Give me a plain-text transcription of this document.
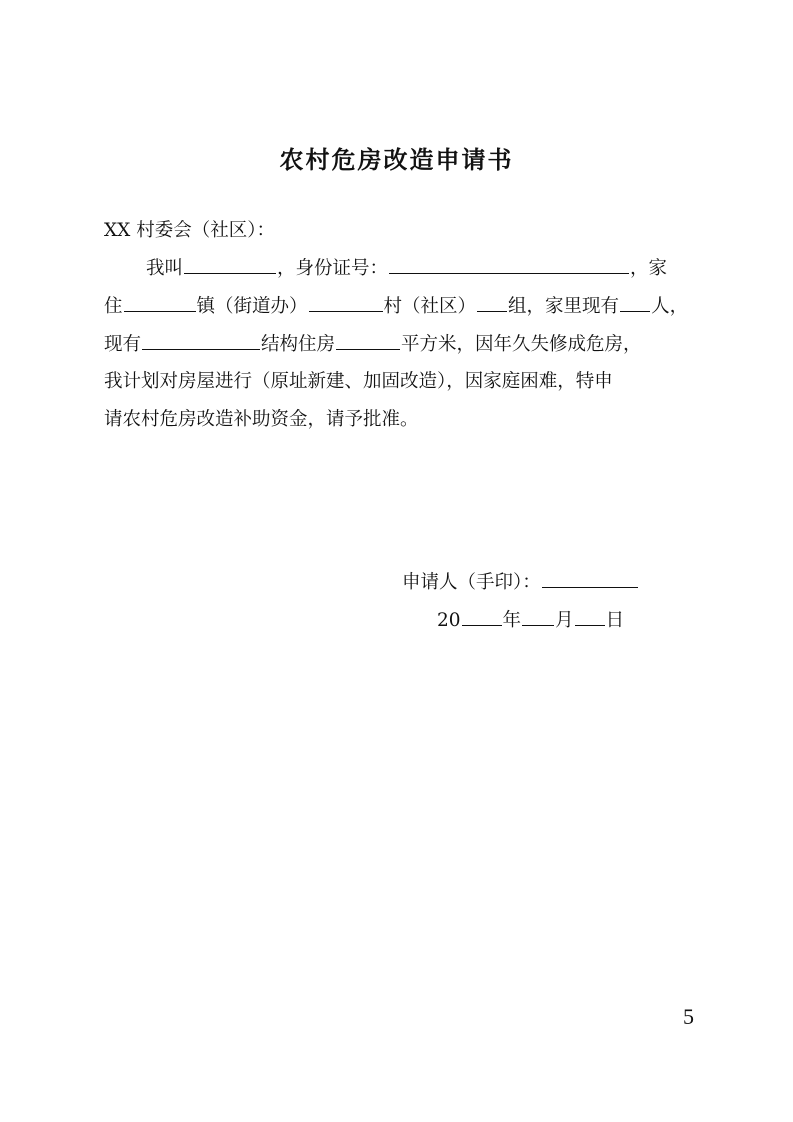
农村危房改造申请书
XX 村委会（社区）：
我叫	，身份证号：	，家
住	镇（街道办）	村（社区） 组，家里现有 人，
现有	结构住房	平方米，因年久失修成危房，
我计划对房屋进行（原址新建、加固改造），因家庭困难，特申
请农村危房改造补助资金，请予批准。
申请人（手印）：
20 年 月 日
5
